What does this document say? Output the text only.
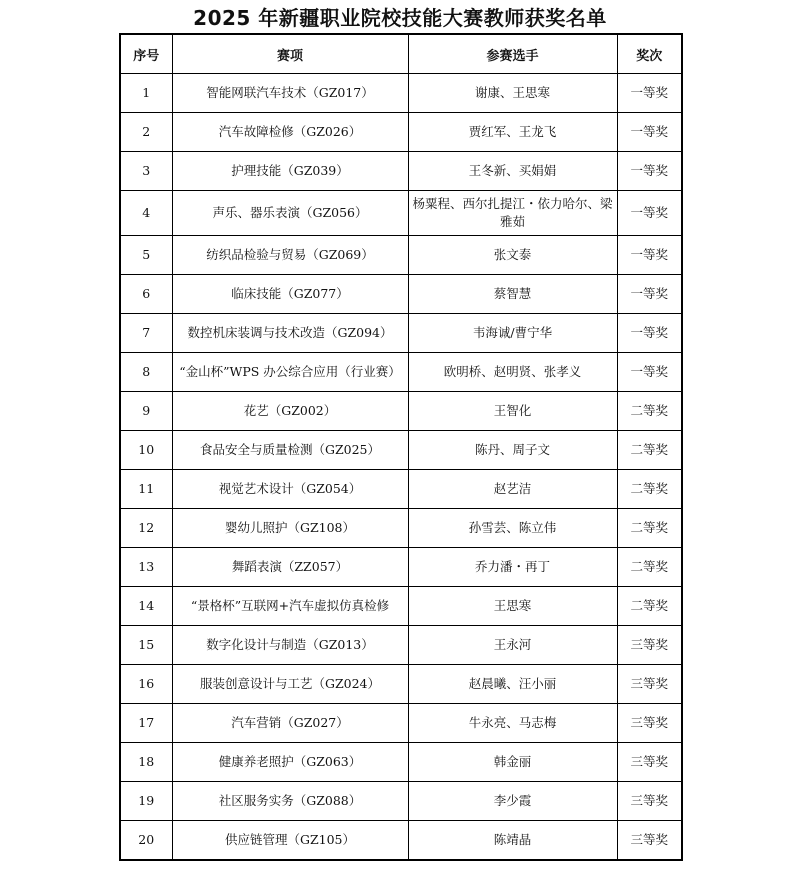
2025 年新疆职业院校技能大赛教师获奖名单
序号	赛项	参赛选手	奖次
1	智能网联汽车技术（GZ017）	谢康、王思寒	一等奖
2	汽车故障检修（GZ026）	贾红军、王龙飞	一等奖
3	护理技能（GZ039）	王冬新、买娟娟	一等奖
4	声乐、器乐表演（GZ056）	杨粟程、西尔扎提江・依力哈尔、梁雅茹	一等奖
5	纺织品检验与贸易（GZ069）	张文泰	一等奖
6	临床技能（GZ077）	蔡智慧	一等奖
7	数控机床装调与技术改造（GZ094）	韦海诚/曹宁华	一等奖
8	“金山杯”WPS 办公综合应用（行业赛）	欧明桥、赵明贤、张孝义	一等奖
9	花艺（GZ002）	王智化	二等奖
10	食品安全与质量检测（GZ025）	陈丹、周子文	二等奖
11	视觉艺术设计（GZ054）	赵艺洁	二等奖
12	婴幼儿照护（GZ108）	孙雪芸、陈立伟	二等奖
13	舞蹈表演（ZZ057）	乔力潘・再丁	二等奖
14	“景格杯”互联网+汽车虚拟仿真检修	王思寒	二等奖
15	数字化设计与制造（GZ013）	王永河	三等奖
16	服装创意设计与工艺（GZ024）	赵晨曦、汪小丽	三等奖
17	汽车营销（GZ027）	牛永亮、马志梅	三等奖
18	健康养老照护（GZ063）	韩金丽	三等奖
19	社区服务实务（GZ088）	李少霞	三等奖
20	供应链管理（GZ105）	陈靖晶	三等奖
